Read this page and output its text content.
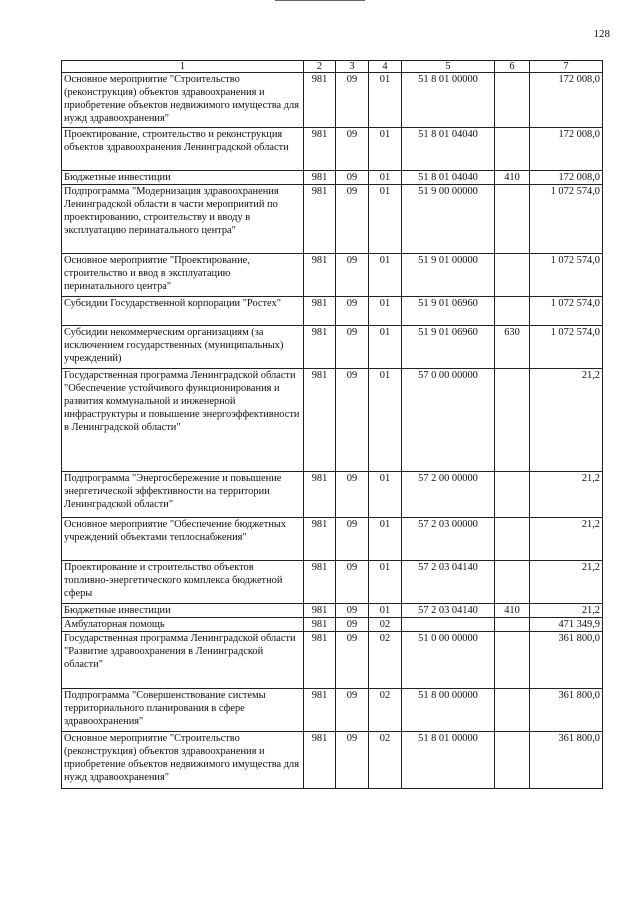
128
1	2	3	4	5	6	7
Основное мероприятие "Строительство (реконструкция) объектов здравоохранения и приобретение объектов недвижимого имущества для нужд здравоохранения"	981	09	01	51 8 01 00000		172 008,0
Проектирование, строительство и реконструкция объектов здравоохранения Ленинградской области	981	09	01	51 8 01 04040		172 008,0
Бюджетные инвестиции	981	09	01	51 8 01 04040	410	172 008,0
Подпрограмма "Модернизация здравоохранения Ленинградской области в части мероприятий по проектированию, строительству и вводу в эксплуатацию перинатального центра"	981	09	01	51 9 00 00000		1 072 574,0
Основное мероприятие "Проектирование, строительство и ввод в эксплуатацию перинатального центра"	981	09	01	51 9 01 00000		1 072 574,0
Субсидии Государственной корпорации "Ростех"	981	09	01	51 9 01 06960		1 072 574,0
Субсидии некоммерческим организациям (за исключением государственных (муниципальных) учреждений)	981	09	01	51 9 01 06960	630	1 072 574,0
Государственная программа Ленинградской области "Обеспечение устойчивого функционирования и развития коммунальной и инженерной инфраструктуры и повышение энергоэффективности в Ленинградской области"	981	09	01	57 0 00 00000		21,2
Подпрограмма "Энергосбережение и повышение энергетической эффективности на территории Ленинградской области"	981	09	01	57 2 00 00000		21,2
Основное мероприятие "Обеспечение бюджетных учреждений объектами теплоснабжения"	981	09	01	57 2 03 00000		21,2
Проектирование и строительство объектов топливно-энергетического комплекса бюджетной сферы	981	09	01	57 2 03 04140		21,2
Бюджетные инвестиции	981	09	01	57 2 03 04140	410	21,2
Амбулаторная помощь	981	09	02			471 349,9
Государственная программа Ленинградской области "Развитие здравоохранения в Ленинградской области"	981	09	02	51 0 00 00000		361 800,0
Подпрограмма "Совершенствование системы территориального планирования в сфере здравоохранения"	981	09	02	51 8 00 00000		361 800,0
Основное мероприятие "Строительство (реконструкция) объектов здравоохранения и приобретение объектов недвижимого имущества для нужд здравоохранения"	981	09	02	51 8 01 00000		361 800,0
